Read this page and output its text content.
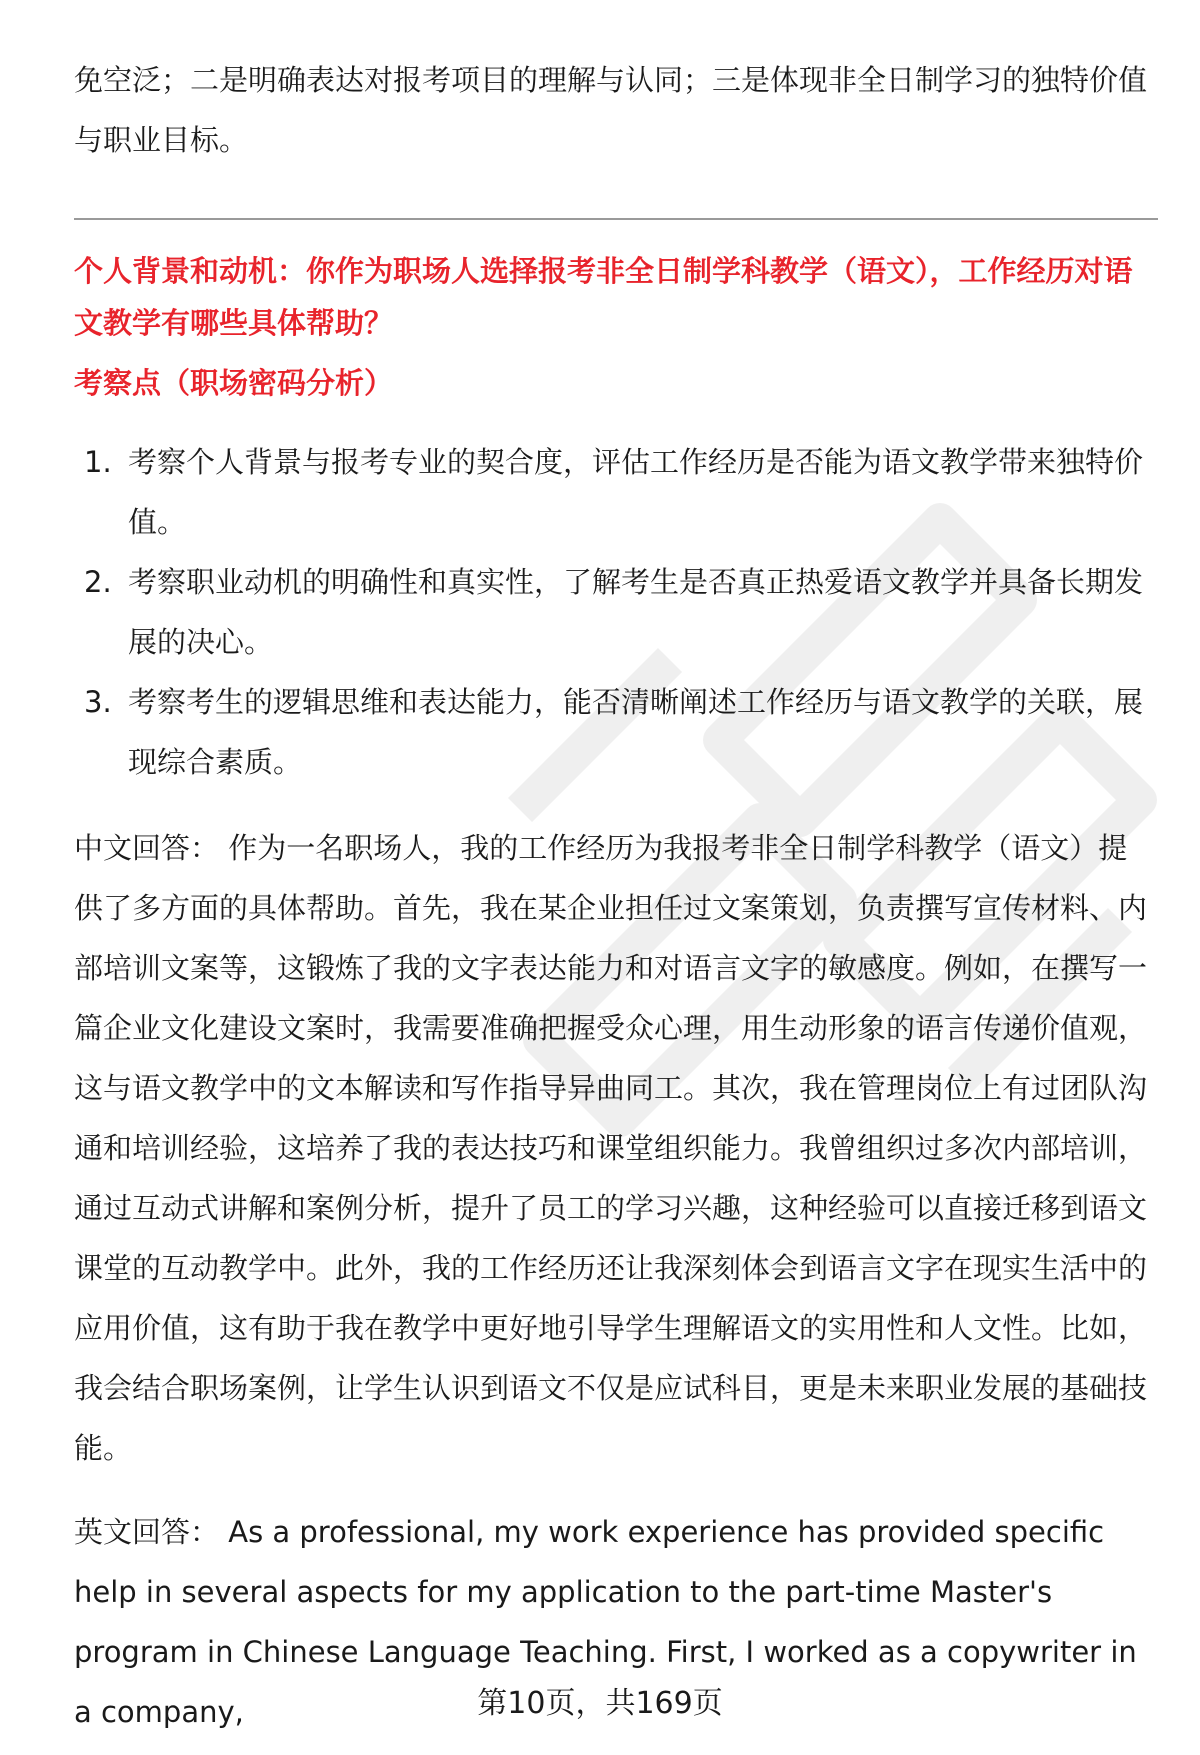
免空泛；二是明确表达对报考项目的理解与认同；三是体现非全日制学习的独特价值与职业目标。

个人背景和动机：你作为职场人选择报考非全日制学科教学（语文），工作经历对语文教学有哪些具体帮助？
考察点（职场密码分析）
1. 考察个人背景与报考专业的契合度，评估工作经历是否能为语文教学带来独特价值。
2. 考察职业动机的明确性和真实性，了解考生是否真正热爱语文教学并具备长期发展的决心。
3. 考察考生的逻辑思维和表达能力，能否清晰阐述工作经历与语文教学的关联，展现综合素质。

中文回答： 作为一名职场人，我的工作经历为我报考非全日制学科教学（语文）提供了多方面的具体帮助。首先，我在某企业担任过文案策划，负责撰写宣传材料、内部培训文案等，这锻炼了我的文字表达能力和对语言文字的敏感度。例如，在撰写一篇企业文化建设文案时，我需要准确把握受众心理，用生动形象的语言传递价值观，这与语文教学中的文本解读和写作指导异曲同工。其次，我在管理岗位上有过团队沟通和培训经验，这培养了我的表达技巧和课堂组织能力。我曾组织过多次内部培训，通过互动式讲解和案例分析，提升了员工的学习兴趣，这种经验可以直接迁移到语文课堂的互动教学中。此外，我的工作经历还让我深刻体会到语言文字在现实生活中的应用价值，这有助于我在教学中更好地引导学生理解语文的实用性和人文性。比如，我会结合职场案例，让学生认识到语文不仅是应试科目，更是未来职业发展的基础技能。

英文回答： As a professional, my work experience has provided specific help in several aspects for my application to the part-time Master's program in Chinese Language Teaching. First, I worked as a copywriter in a company,	第10页，共169页
